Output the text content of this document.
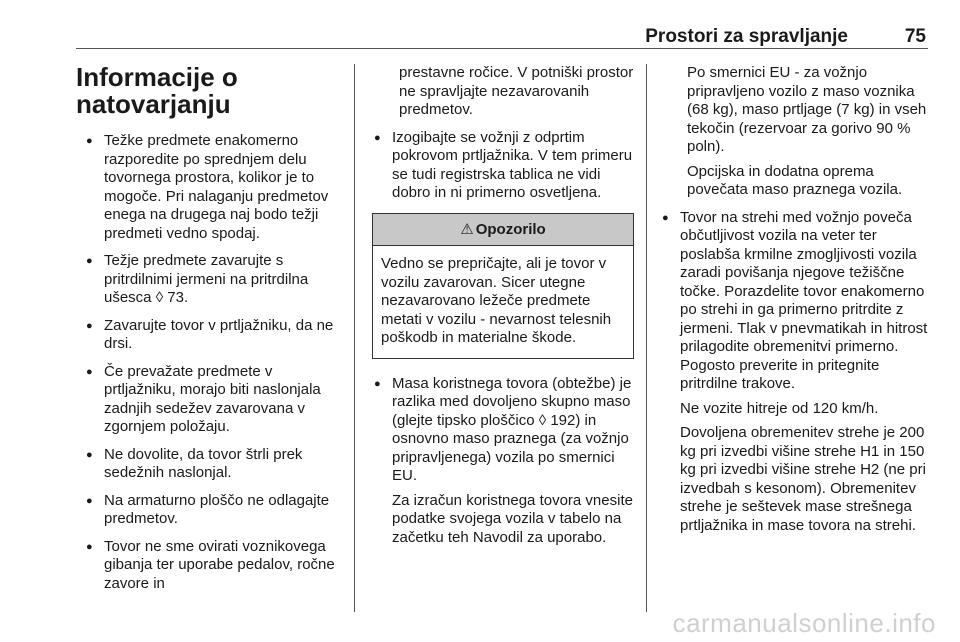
Prostori za spravljanje	75
Informacije o natovarjanju
● Težke predmete enakomerno razporedite po sprednjem delu tovornega prostora, kolikor je to mogoče. Pri nalaganju predmetov enega na drugega naj bodo težji predmeti vedno spodaj.
● Težje predmete zavarujte s pritrdilnimi jermeni na pritrdilna ušesca ◊ 73.
● Zavarujte tovor v prtljažniku, da ne drsi.
● Če prevažate predmete v prtljažniku, morajo biti naslonjala zadnjih sedežev zavarovana v zgornjem položaju.
● Ne dovolite, da tovor štrli prek sedežnih naslonjal.
● Na armaturno ploščo ne odlagajte predmetov.
● Tovor ne sme ovirati voznikovega gibanja ter uporabe pedalov, ročne zavore in
prestavne ročice. V potniški prostor ne spravljajte nezavarovanih predmetov.
● Izogibajte se vožnji z odprtim pokrovom prtljažnika. V tem primeru se tudi registrska tablica ne vidi dobro in ni primerno osvetljena.
⚠ Opozorilo
Vedno se prepričajte, ali je tovor v vozilu zavarovan. Sicer utegne nezavarovano ležeče predmete metati v vozilu - nevarnost telesnih poškodb in materialne škode.

● Masa koristnega tovora (obtežbe) je razlika med dovoljeno skupno maso (glejte tipsko ploščico ◊ 192) in osnovno maso praznega (za vožnjo pripravljenega) vozila po smernici EU.

Za izračun koristnega tovora vnesite podatke svojega vozila v tabelo na začetku teh Navodil za uporabo.

Po smernici EU - za vožnjo pripravljeno vozilo z maso voznika (68 kg), maso prtljage (7 kg) in vseh tekočin (rezervoar za gorivo 90 % poln).

Opcijska in dodatna oprema povečata maso praznega vozila.

● Tovor na strehi med vožnjo poveča občutljivost vozila na veter ter poslabša krmilne zmogljivosti vozila zaradi povišanja njegove težiščne točke. Porazdelite tovor enakomerno po strehi in ga primerno pritrdite z jermeni. Tlak v pnevmatikah in hitrost prilagodite obremenitvi primerno. Pogosto preverite in pritegnite pritrdilne trakove.

Ne vozite hitreje od 120 km/h.

Dovoljena obremenitev strehe je 200 kg pri izvedbi višine strehe H1 in 150 kg pri izvedbi višine strehe H2 (ne pri izvedbah s kesonom). Obremenitev strehe je seštevek mase strešnega prtljažnika in mase tovora na strehi.

carmanualsonline.info
